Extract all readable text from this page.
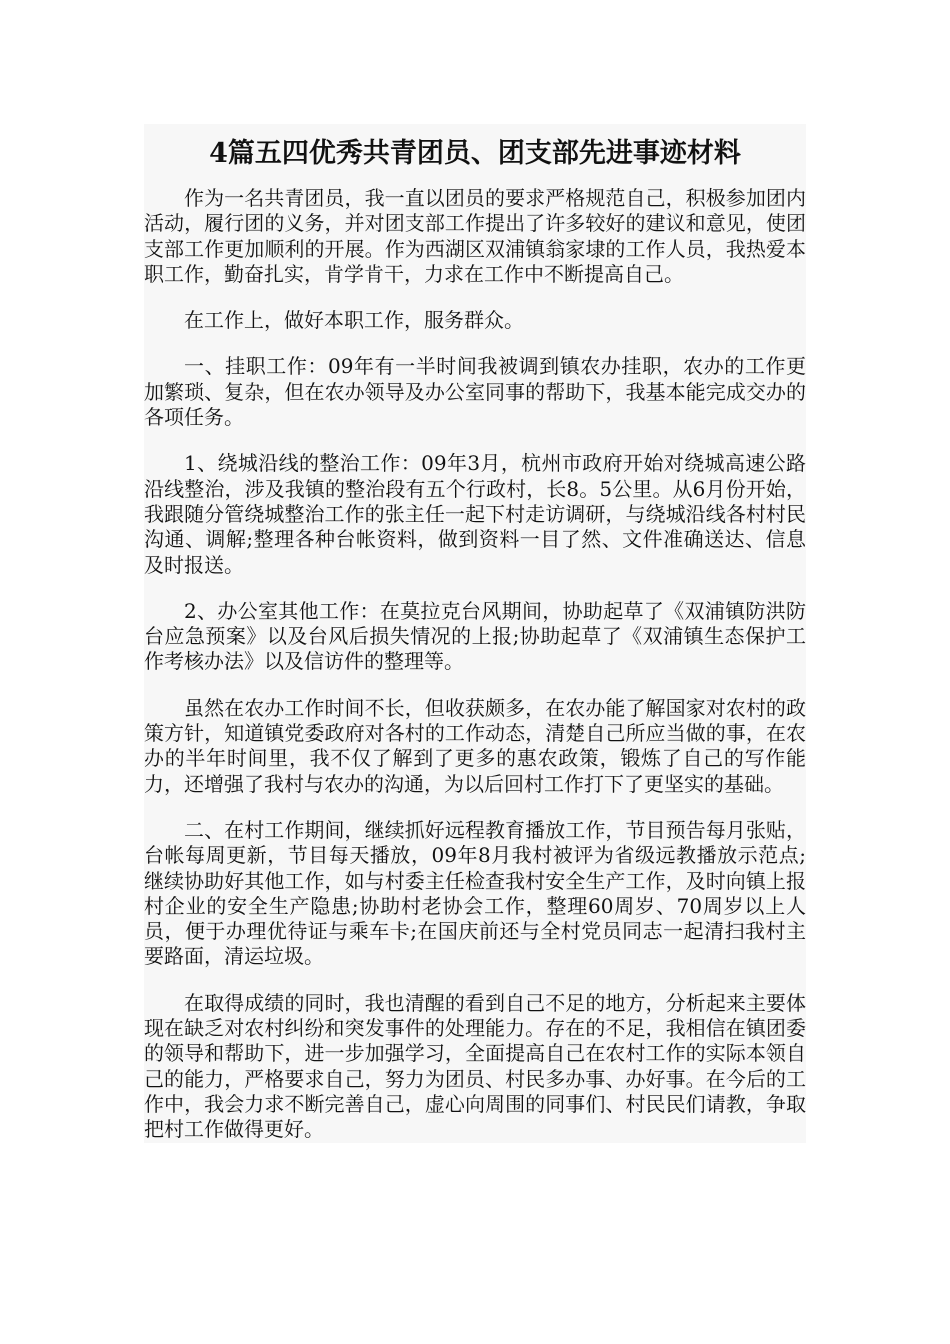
4篇五四优秀共青团员、团支部先进事迹材料

作为一名共青团员，我一直以团员的要求严格规范自己，积极参加团内活动，履行团的义务，并对团支部工作提出了许多较好的建议和意见，使团支部工作更加顺利的开展。作为西湖区双浦镇翁家埭的工作人员，我热爱本职工作，勤奋扎实，肯学肯干，力求在工作中不断提高自己。

在工作上，做好本职工作，服务群众。

一、挂职工作：09年有一半时间我被调到镇农办挂职，农办的工作更加繁琐、复杂，但在农办领导及办公室同事的帮助下，我基本能完成交办的各项任务。

1、绕城沿线的整治工作：09年3月，杭州市政府开始对绕城高速公路沿线整治，涉及我镇的整治段有五个行政村，长8。5公里。从6月份开始，我跟随分管绕城整治工作的张主任一起下村走访调研，与绕城沿线各村村民沟通、调解;整理各种台帐资料，做到资料一目了然、文件准确送达、信息及时报送。

2、办公室其他工作：在莫拉克台风期间，协助起草了《双浦镇防洪防台应急预案》以及台风后损失情况的上报;协助起草了《双浦镇生态保护工作考核办法》以及信访件的整理等。

虽然在农办工作时间不长，但收获颇多，在农办能了解国家对农村的政策方针，知道镇党委政府对各村的工作动态，清楚自己所应当做的事，在农办的半年时间里，我不仅了解到了更多的惠农政策，锻炼了自己的写作能力，还增强了我村与农办的沟通，为以后回村工作打下了更坚实的基础。

二、在村工作期间，继续抓好远程教育播放工作，节目预告每月张贴，台帐每周更新，节目每天播放，09年8月我村被评为省级远教播放示范点;继续协助好其他工作，如与村委主任检查我村安全生产工作，及时向镇上报村企业的安全生产隐患;协助村老协会工作，整理60周岁、70周岁以上人员，便于办理优待证与乘车卡;在国庆前还与全村党员同志一起清扫我村主要路面，清运垃圾。

在取得成绩的同时，我也清醒的看到自己不足的地方，分析起来主要体现在缺乏对农村纠纷和突发事件的处理能力。存在的不足，我相信在镇团委的领导和帮助下，进一步加强学习，全面提高自己在农村工作的实际本领自己的能力，严格要求自己，努力为团员、村民多办事、办好事。在今后的工作中，我会力求不断完善自己，虚心向周围的同事们、村民民们请教，争取把村工作做得更好。
